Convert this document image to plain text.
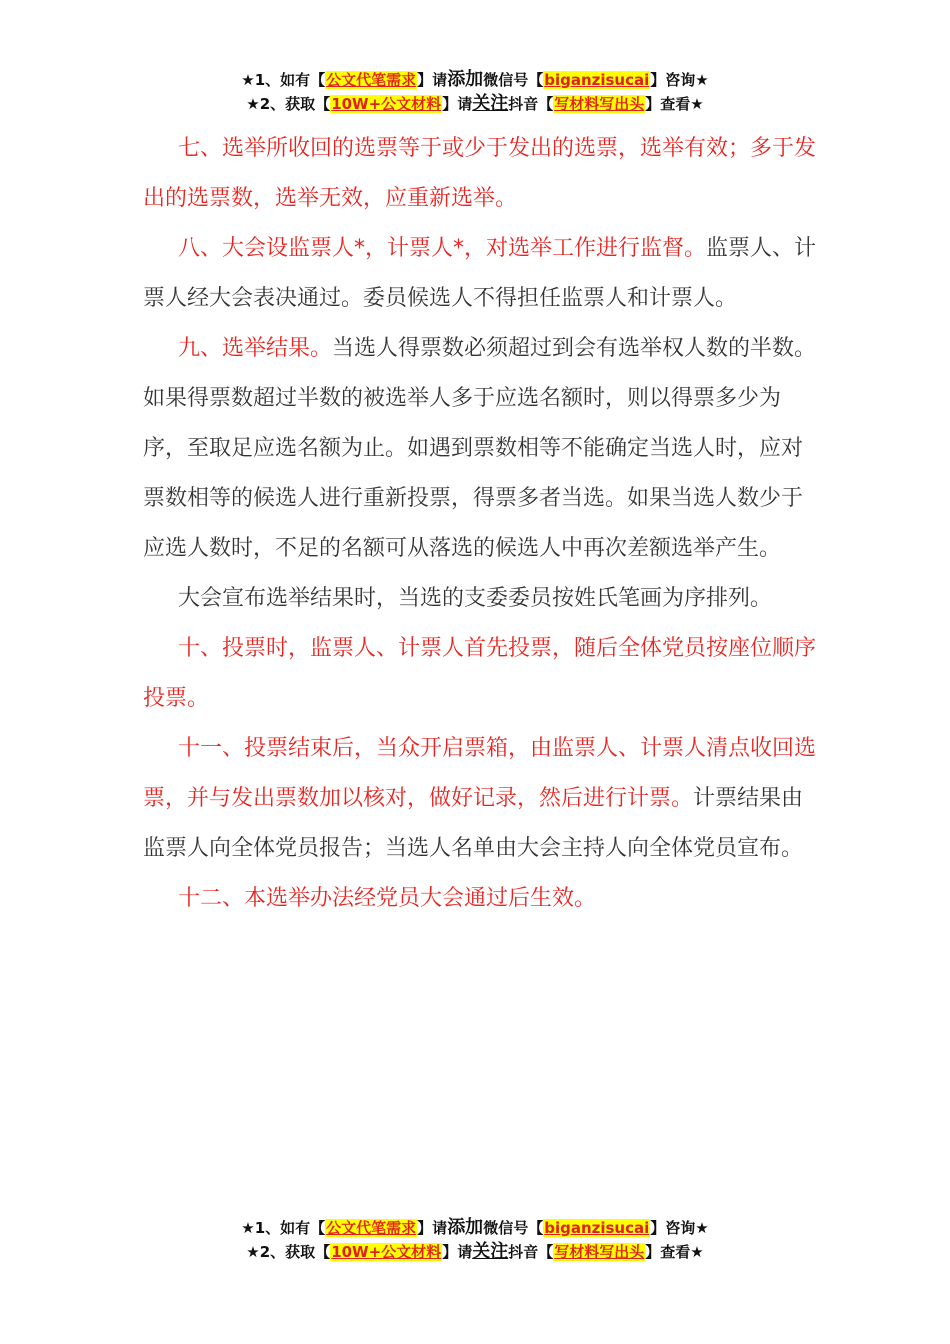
★1、如有【公文代笔需求】请添加微信号【biganzisucai】咨询★
★2、获取【10W+公文材料】请关注抖音【写材料写出头】查看★

七、选举所收回的选票等于或少于发出的选票，选举有效；多于发出的选票数，选举无效，应重新选举。

八、大会设监票人*，计票人*，对选举工作进行监督。监票人、计票人经大会表决通过。委员候选人不得担任监票人和计票人。

九、选举结果。当选人得票数必须超过到会有选举权人数的半数。如果得票数超过半数的被选举人多于应选名额时，则以得票多少为序，至取足应选名额为止。如遇到票数相等不能确定当选人时，应对票数相等的候选人进行重新投票，得票多者当选。如果当选人数少于应选人数时，不足的名额可从落选的候选人中再次差额选举产生。

大会宣布选举结果时，当选的支委委员按姓氏笔画为序排列。

十、投票时，监票人、计票人首先投票，随后全体党员按座位顺序投票。

十一、投票结束后，当众开启票箱，由监票人、计票人清点收回选票，并与发出票数加以核对，做好记录，然后进行计票。计票结果由监票人向全体党员报告；当选人名单由大会主持人向全体党员宣布。

十二、本选举办法经党员大会通过后生效。

★1、如有【公文代笔需求】请添加微信号【biganzisucai】咨询★
★2、获取【10W+公文材料】请关注抖音【写材料写出头】查看★
